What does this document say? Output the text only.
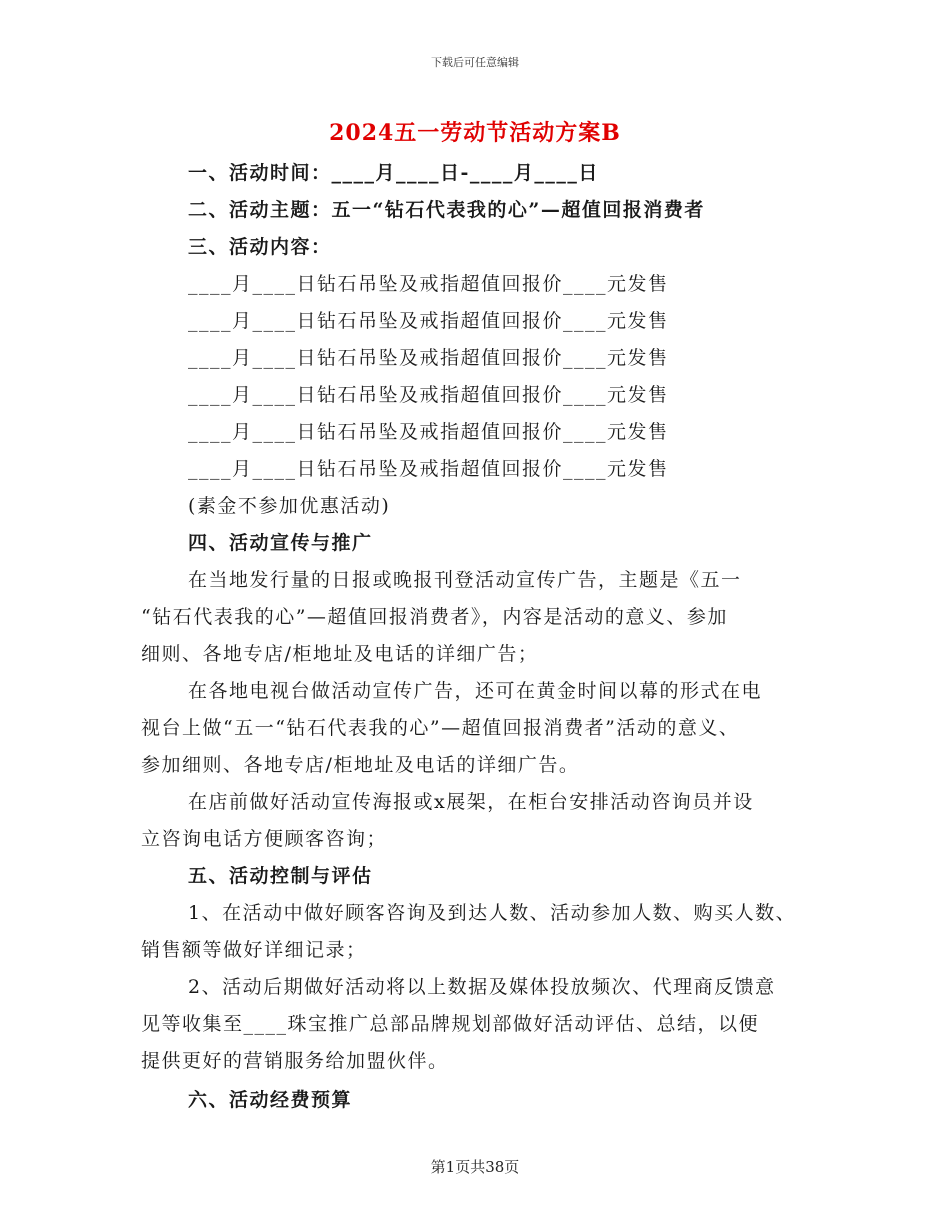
下载后可任意编辑
2024五一劳动节活动方案B
一、活动时间：____月____日-____月____日
二、活动主题：五一“钻石代表我的心”—超值回报消费者
三、活动内容：
____月____日钻石吊坠及戒指超值回报价____元发售
____月____日钻石吊坠及戒指超值回报价____元发售
____月____日钻石吊坠及戒指超值回报价____元发售
____月____日钻石吊坠及戒指超值回报价____元发售
____月____日钻石吊坠及戒指超值回报价____元发售
____月____日钻石吊坠及戒指超值回报价____元发售
(素金不参加优惠活动)
四、活动宣传与推广
在当地发行量的日报或晚报刊登活动宣传广告，主题是《五一
“钻石代表我的心”—超值回报消费者》，内容是活动的意义、参加
细则、各地专店/柜地址及电话的详细广告；
在各地电视台做活动宣传广告，还可在黄金时间以幕的形式在电
视台上做“五一“钻石代表我的心”—超值回报消费者”活动的意义、
参加细则、各地专店/柜地址及电话的详细广告。
在店前做好活动宣传海报或x展架，在柜台安排活动咨询员并设
立咨询电话方便顾客咨询；
五、活动控制与评估
1、在活动中做好顾客咨询及到达人数、活动参加人数、购买人数、
销售额等做好详细记录；
2、活动后期做好活动将以上数据及媒体投放频次、代理商反馈意
见等收集至____珠宝推广总部品牌规划部做好活动评估、总结，以便
提供更好的营销服务给加盟伙伴。
六、活动经费预算
第1页共38页
